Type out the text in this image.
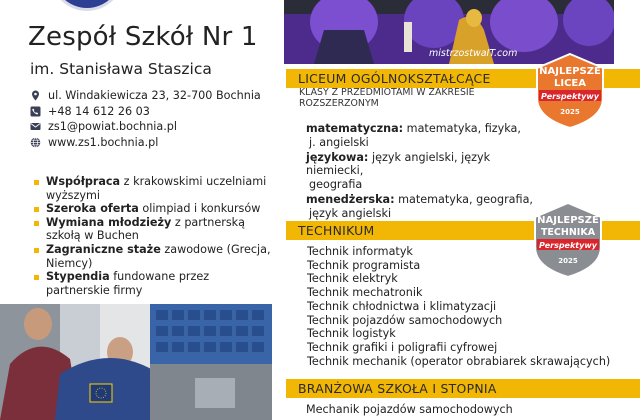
Zespół Szkół Nr 1
im. Stanisława Staszica
ul. Windakiewicza 23, 32-700 Bochnia
+48 14 612 26 03
zs1@powiat.bochnia.pl
www.zs1.bochnia.pl
Współpraca z krakowskimi uczelniami wyższymi
Szeroka oferta olimpiad i konkursów
Wymiana młodzieży z partnerską szkołą w Buchen
Zagraniczne staże zawodowe (Grecja, Niemcy)
Stypendia fundowane przez partnerskie firmy
mistrzostwaIT.com
LICEUM OGÓLNOKSZTAŁCĄCE
KLASY Z PRZEDMIOTAMI W ZAKRESIE ROZSZERZONYM
matematyczna: matematyka, fizyka,
j. angielski
językowa: język angielski, język niemiecki,
geografia
menedżerska: matematyka, geografia,
język angielski
NAJLEPSZE
LICEA
Perspektywy
2025
TECHNIKUM
Technik informatyk
Technik programista
Technik elektryk
Technik mechatronik
Technik chłodnictwa i klimatyzacji
Technik pojazdów samochodowych
Technik logistyk
Technik grafiki i poligrafii cyfrowej
Technik mechanik (operator obrabiarek skrawających)
NAJLEPSZE
TECHNIKA
Perspektywy
2025
BRANŻOWA SZKOŁA I STOPNIA
Mechanik pojazdów samochodowych
